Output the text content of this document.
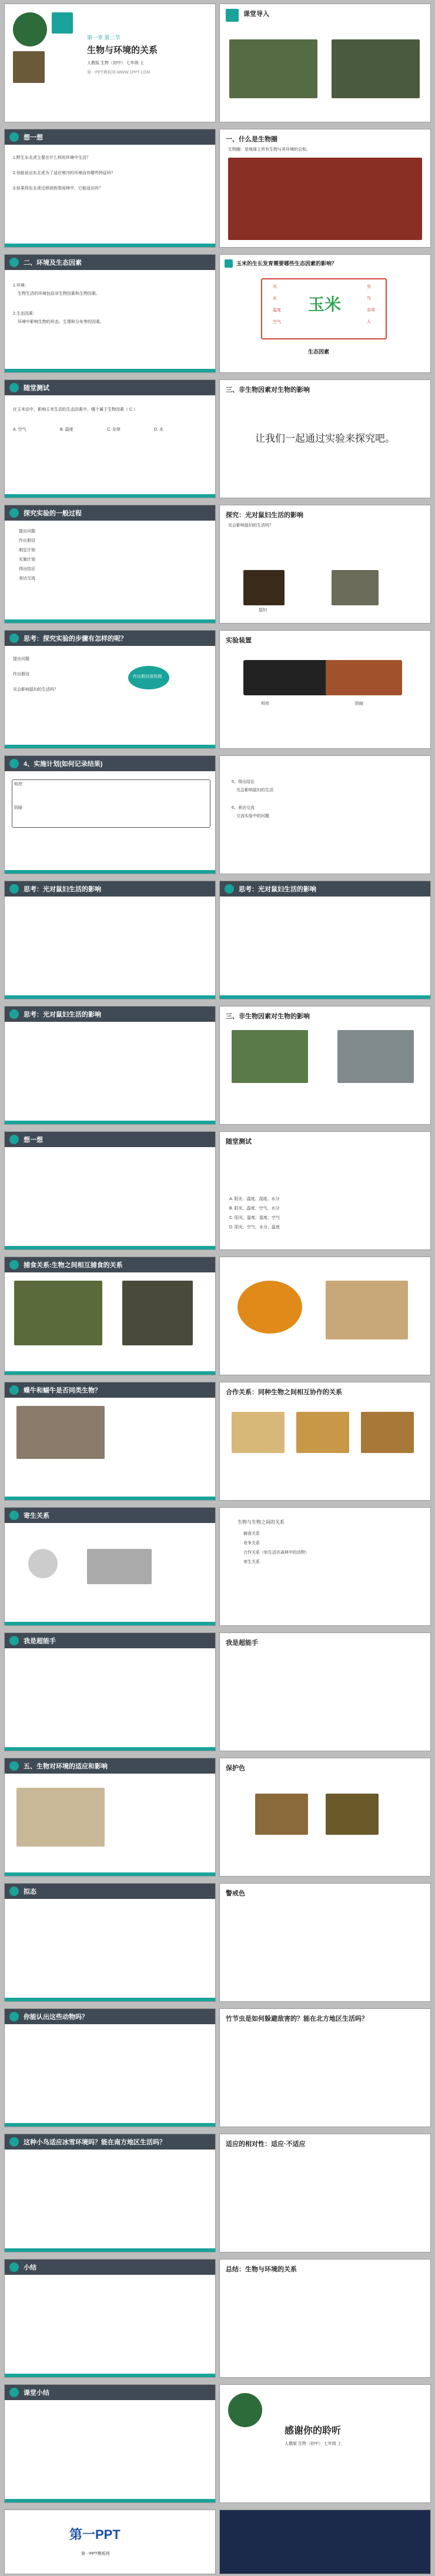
第一章 第二节
生物与环境的关系
人教版 生物（初中） 七年级 上
第一PPT模板网-WWW.1PPT.COM
课堂导入
想一想
1.野生东北虎主要在什么样的环境中生活？
2.你能说出东北虎为了适应寒冷的环境而有哪些特征吗？
3.如果将东北虎迁移到热带雨林中，它能适应吗？
一、什么是生物圈
生物圈：是地球上所有生物与其环境的总和。
二、环境及生态因素
1.环境：
生物生活的环境包括非生物因素和生物因素。
2.生态因素：
环境中影响生物的形态、生理和分布等的因素。
玉米的生长发育需要哪些生态因素的影响？
玉米
光
水
温度
空气
虫
鸟
杂草
人
生态因素
随堂测试
在玉米田中，影响玉米生活的生态因素中，哪个属于生物因素（ C ）
A. 空气	B. 温度	C. 杂草	D. 水
三、非生物因素对生物的影响
让我们一起通过实验来探究吧。
探究实验的一般过程
提出问题
作出假设
制定计划
实施计划
得出结论
表达交流
探究：光对鼠妇生活的影响
光会影响鼠妇的生活吗？
鼠妇
思考：探究实验的步骤有怎样的呢？
提出问题
作出假设
光会影响鼠妇的生活吗？
作出假设请预测
实验装置
明亮	阴暗
4、实施计划(如何记录结果)
明亮
阴暗
5、得出结论
光会影响鼠妇的生活
6、表达交流
交流实验中的问题
思考：光对鼠妇生活的影响	思考：光对鼠妇生活的影响
思考：光对鼠妇生活的影响	三、非生物因素对生物的影响
想一想	随堂测试
A. 阳光、温度、湿度、水分
B. 阳光、温度、空气、水分
C. 阳光、温度、湿度、空气
D. 阳光、空气、水分、温度
捕食关系:生物之间相互捕食的关系
蝶牛和蝴牛是否同类生物？	合作关系：同种生物之间相互协作的关系
寄生关系
生物与生物之间的关系
捕食关系
竞争关系
合作关系（如生活在森林中的动物）
寄生关系
我是超能手	我是超能手
五、生物对环境的适应和影响	保护色
拟态	警戒色
你能认出这些动物吗？	竹节虫是如何躲避敌害的？能在北方地区生活吗？
这种小鸟适应冰雪环境吗？能在南方地区生活吗？	适应的相对性：适应·不适应
小结	总结：生物与环境的关系
课堂小结
感谢你的聆听
人教版 生物（初中） 七年级 上
第一PPT
第一PPT模板网
